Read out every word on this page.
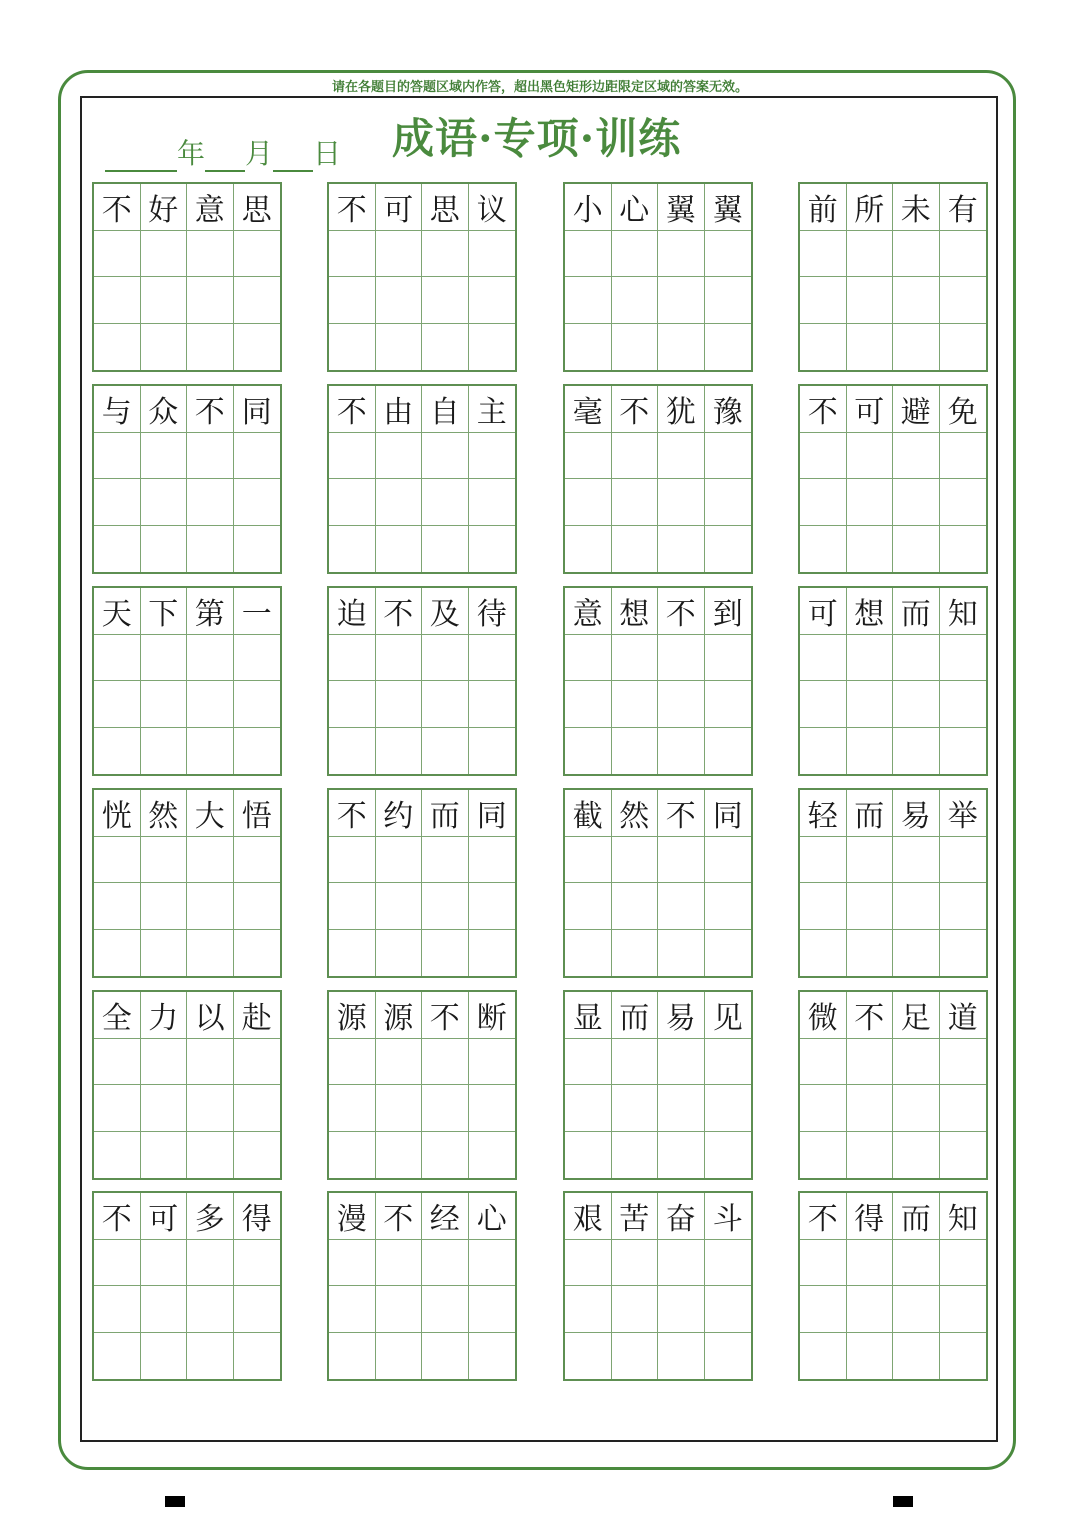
请在各题目的答题区域内作答，超出黑色矩形边距限定区域的答案无效。
年 月 日 成语·专项·训练
不 好 意 思 不 可 思 议 小 心 翼 翼 前 所 未 有
与 众 不 同 不 由 自 主 毫 不 犹 豫 不 可 避 免
天 下 第 一 迫 不 及 待 意 想 不 到 可 想 而 知
恍 然 大 悟 不 约 而 同 截 然 不 同 轻 而 易 举
全 力 以 赴 源 源 不 断 显 而 易 见 微 不 足 道
不 可 多 得 漫 不 经 心 艰 苦 奋 斗 不 得 而 知
